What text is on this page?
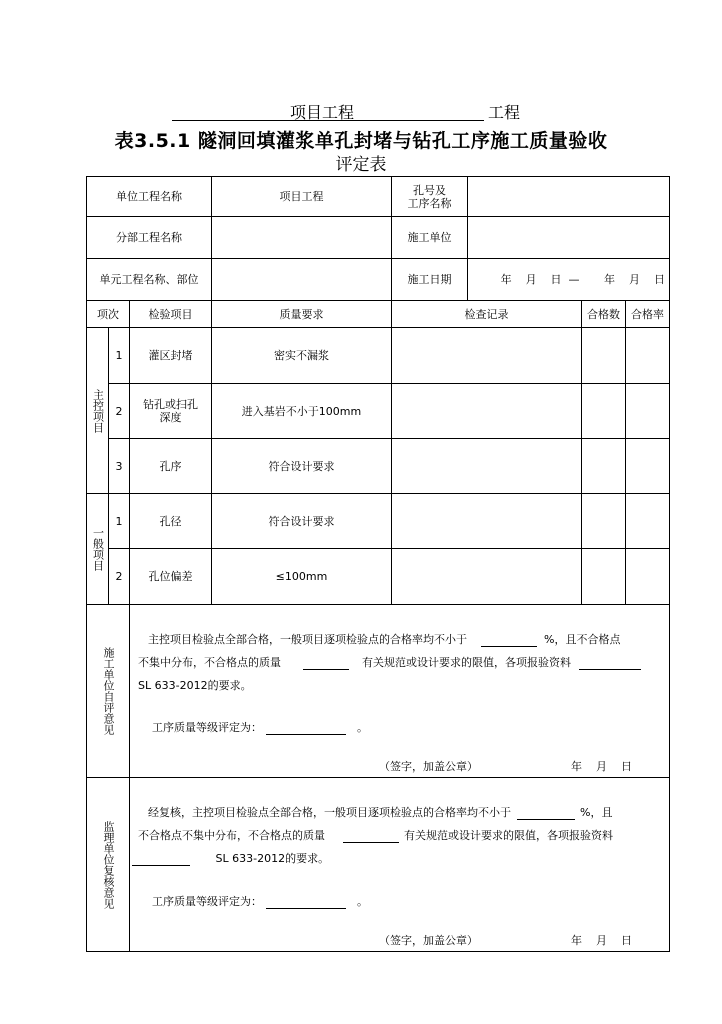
项目工程	工程
表3.5.1 隧洞回填灌浆单孔封堵与钻孔工序施工质量验收
评定表
单位工程名称	项目工程	孔号及
工序名称
分部工程名称	施工单位
单元工程名称、部位	施工日期	年    月    日  —       年    月    日
项次	检验项目	质量要求	检查记录	合格数	合格率
主控项目
1	灌区封堵	密实不漏浆
2	钻孔或扫孔
深度	进入基岩不小于100mm
3	孔序	符合设计要求
一般项目
1	孔径	符合设计要求
2	孔位偏差	≤100mm
施工单位自评意见
主控项目检验点全部合格，一般项目逐项检验点的合格率均不小于	%，且不合格点
不集中分布，不合格点的质量	有关规范或设计要求的限值，各项报验资料
SL 633-2012的要求。
工序质量等级评定为：	。
（签字，加盖公章）	年    月    日
监理单位复核意见
经复核，主控项目检验点全部合格，一般项目逐项检验点的合格率均不小于	%，且
不合格点不集中分布，不合格点的质量	有关规范或设计要求的限值，各项报验资料
SL 633-2012的要求。
工序质量等级评定为：	。
（签字，加盖公章）	年    月    日
